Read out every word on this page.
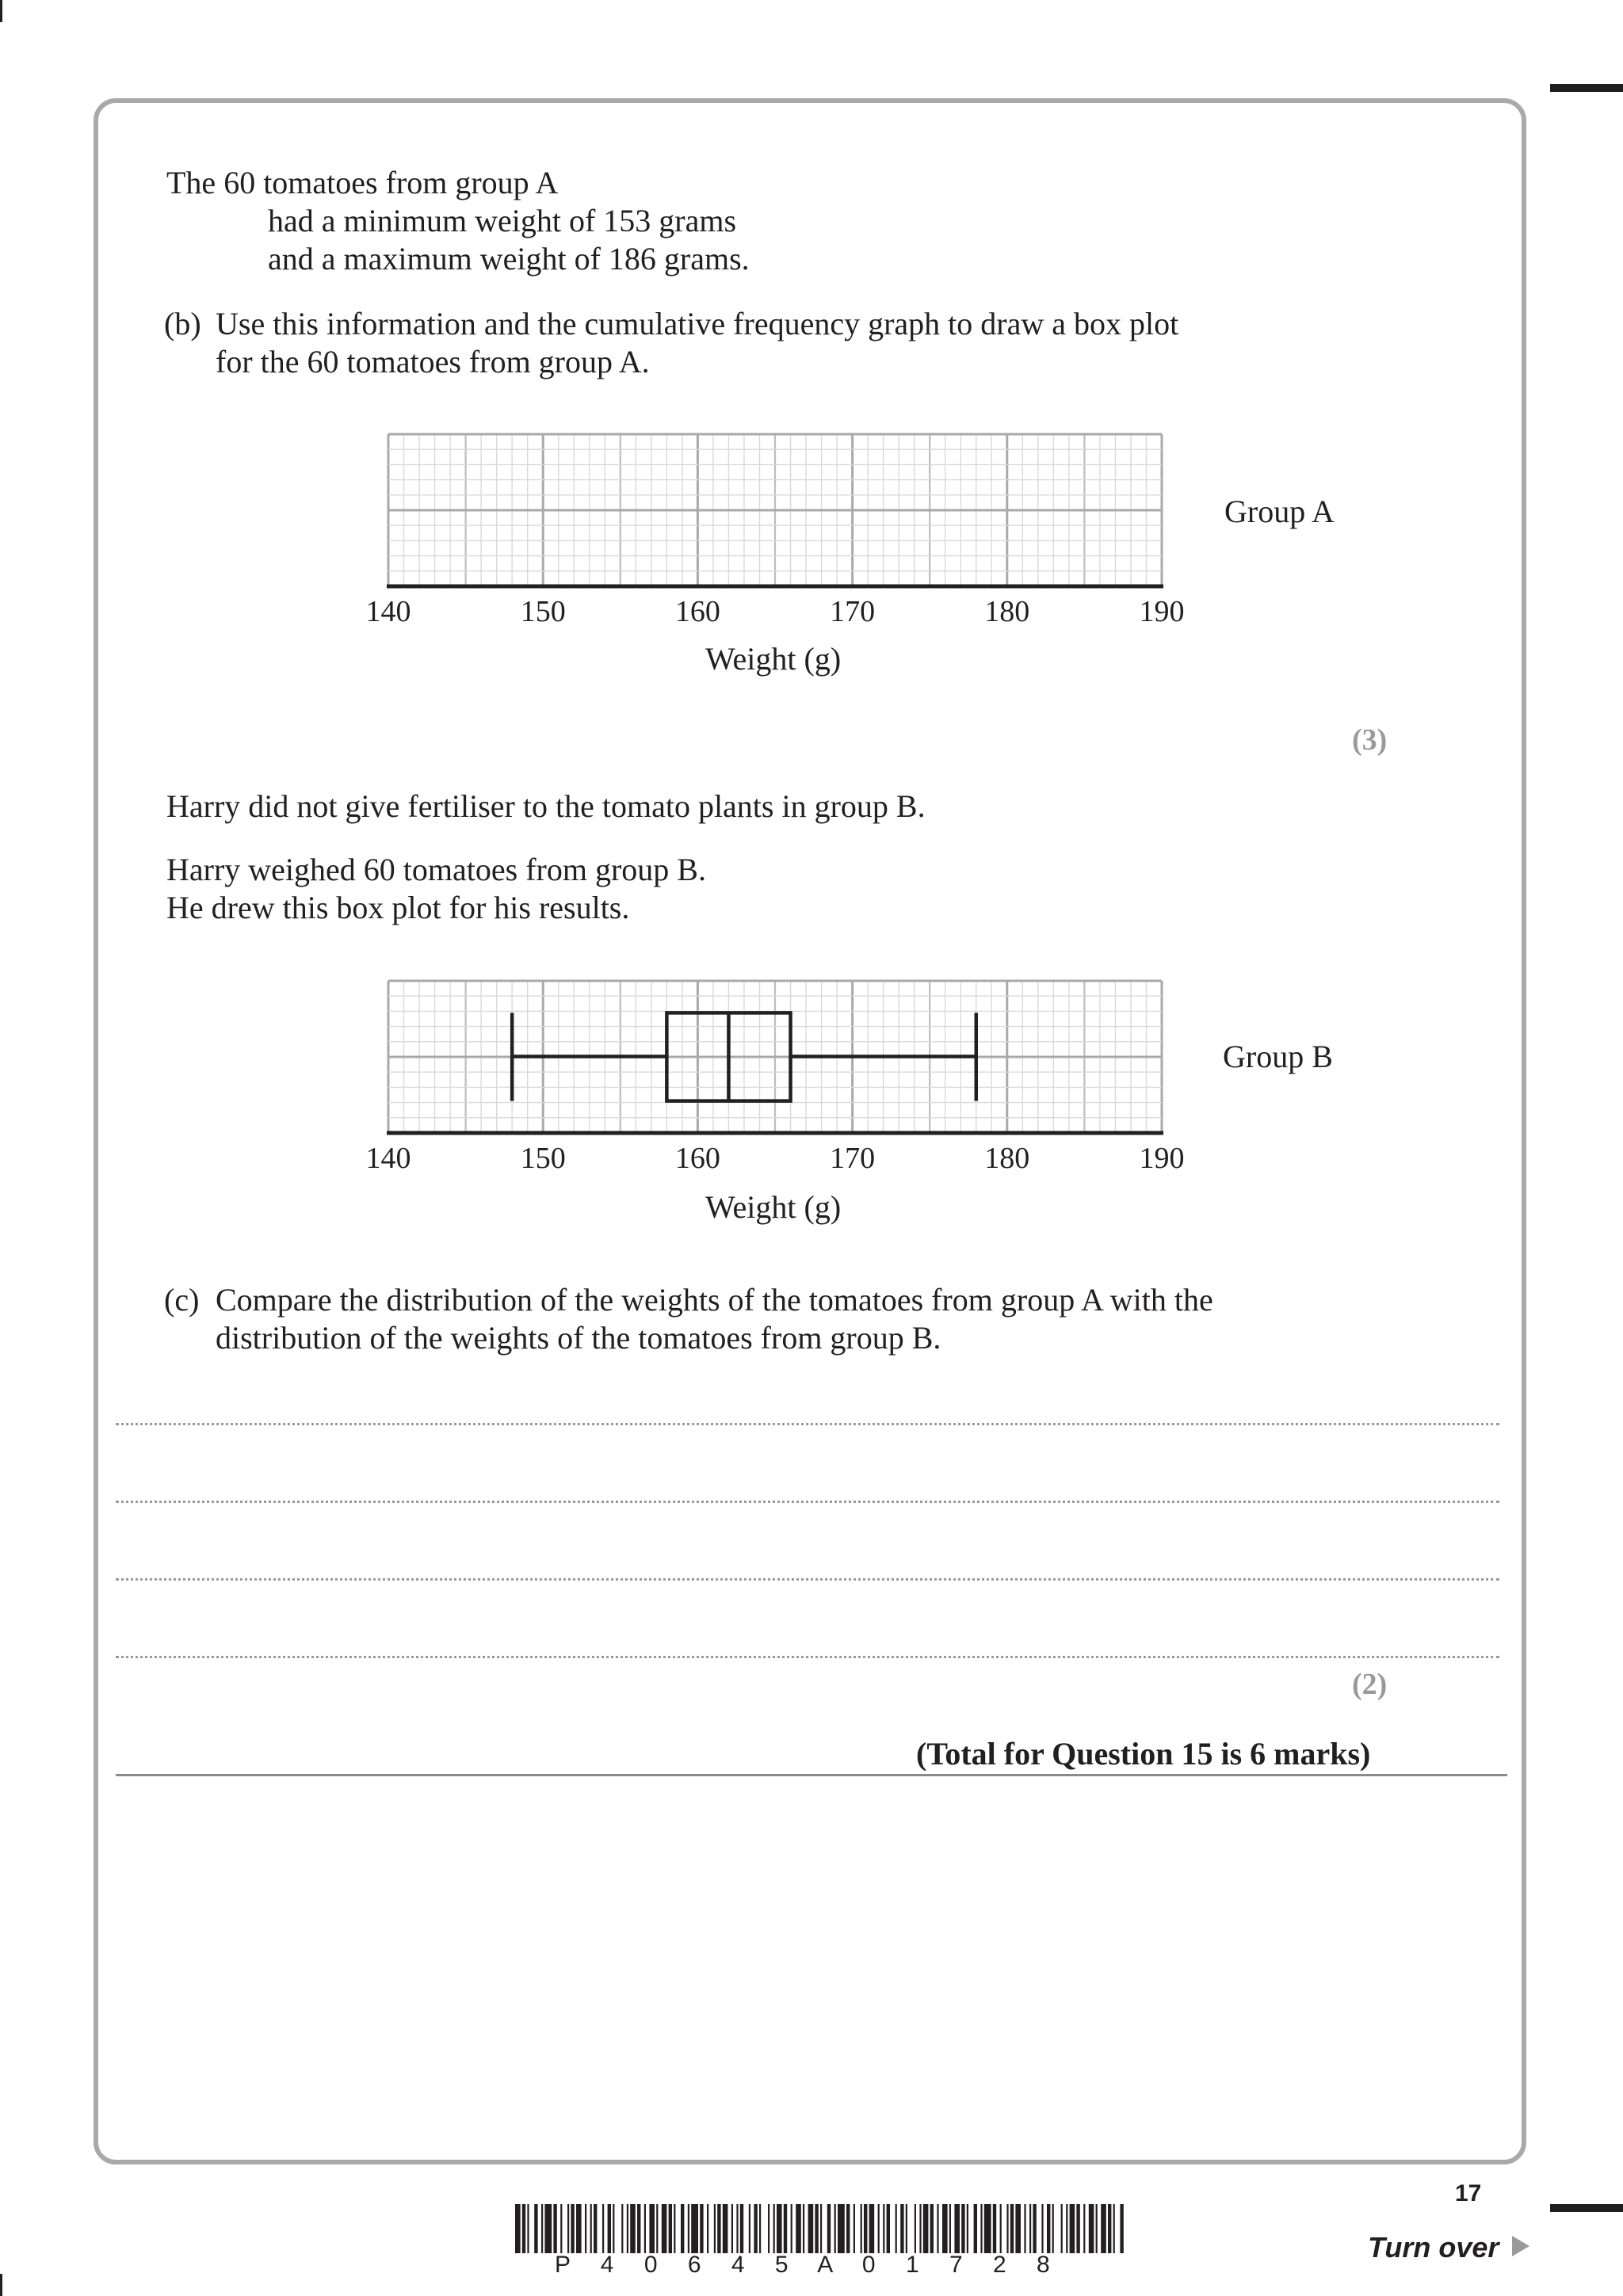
The 60 tomatoes from group A
had a minimum weight of 153 grams
and a maximum weight of 186 grams.
(b) Use this information and the cumulative frequency graph to draw a box plot
for the 60 tomatoes from group A.
Group A
140	150	160	170	180	190
Weight (g)
(3)
Harry did not give fertiliser to the tomato plants in group B.
Harry weighed 60 tomatoes from group B.
He drew this box plot for his results.
Group B
140	150	160	170	180	190
Weight (g)
(c) Compare the distribution of the weights of the tomatoes from group A with the
distribution of the weights of the tomatoes from group B.
(2)
(Total for Question 15 is 6 marks)
17
P 4 0 6 4 5 A 0 1 7 2 8
Turn over
